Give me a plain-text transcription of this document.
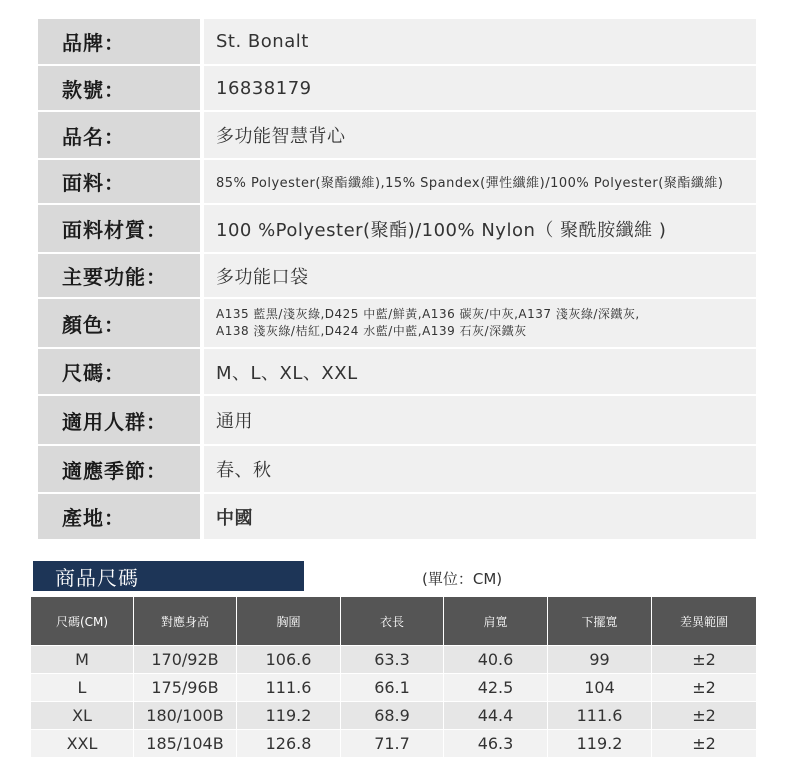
品牌：	St. Bonalt
款號：	16838179
品名：	多功能智慧背心
面料：	85% Polyester(聚酯纖維),15% Spandex(彈性纖維)/100% Polyester(聚酯纖維)
面料材質：	100 %Polyester(聚酯)/100% Nylon（ 聚酰胺纖維 )
主要功能：	多功能口袋
顏色：	A135 藍黑/淺灰綠,D425 中藍/鮮黃,A136 碳灰/中灰,A137 淺灰綠/深鐵灰,
A138 淺灰綠/桔紅,D424 水藍/中藍,A139 石灰/深鐵灰
尺碼：	M、L、XL、XXL
適用人群：	通用
適應季節：	春、秋
產地：	中國
商品尺碼	(單位：CM)
尺碼(CM)	對應身高	胸圍	衣長	肩寬	下擺寬	差異範圍
M	170/92B	106.6	63.3	40.6	99	±2
L	175/96B	111.6	66.1	42.5	104	±2
XL	180/100B	119.2	68.9	44.4	111.6	±2
XXL	185/104B	126.8	71.7	46.3	119.2	±2
